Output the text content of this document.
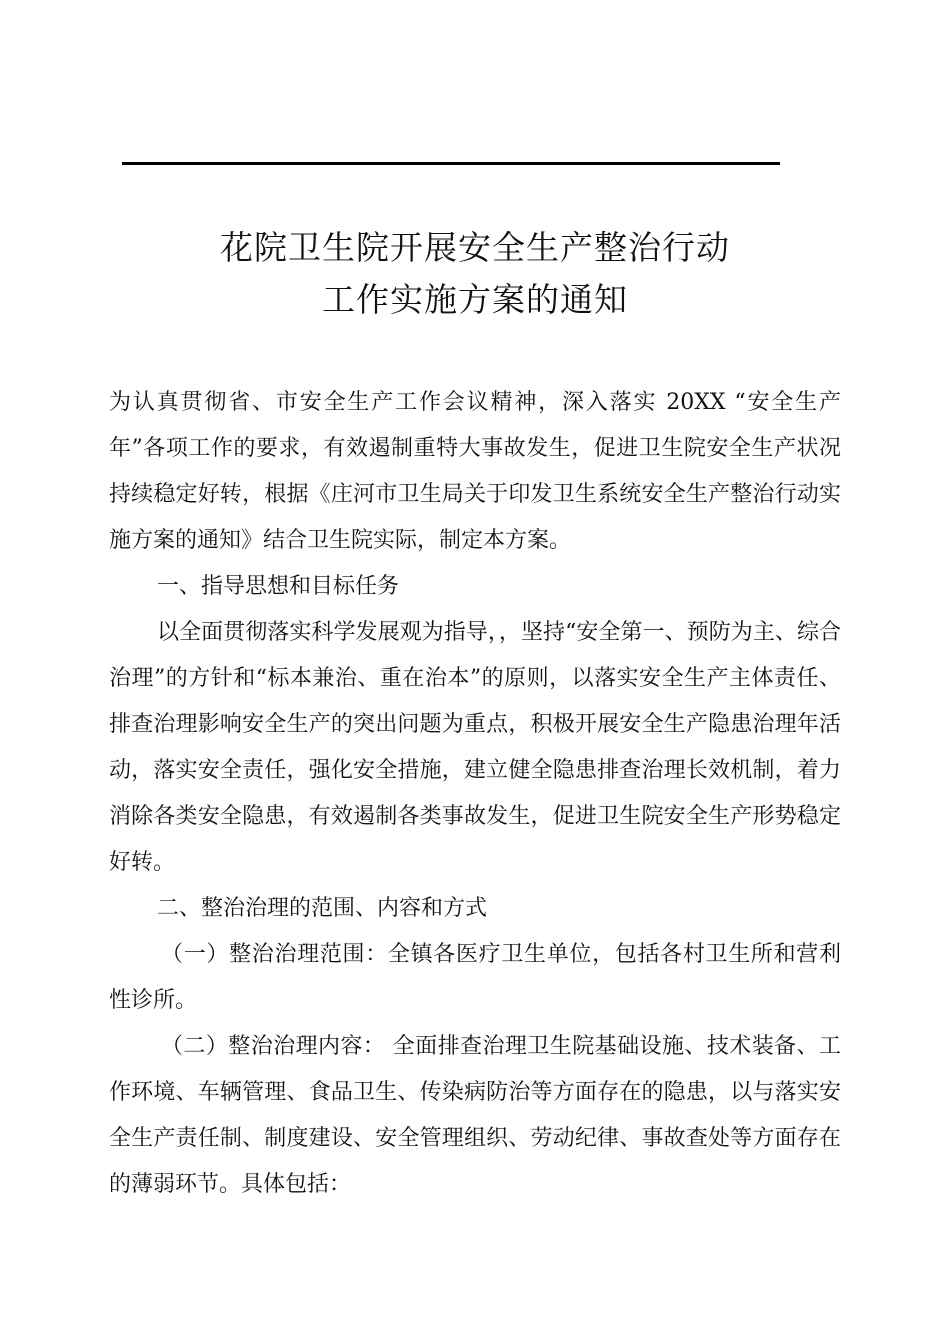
花院卫生院开展安全生产整治行动
工作实施方案的通知

为认真贯彻省、市安全生产工作会议精神，深入落实 20XX “安全生产年”各项工作的要求，有效遏制重特大事故发生，促进卫生院安全生产状况持续稳定好转，根据《庄河市卫生局关于印发卫生系统安全生产整治行动实施方案的通知》结合卫生院实际，制定本方案。

一、指导思想和目标任务

以全面贯彻落实科学发展观为指导，，坚持“安全第一、预防为主、综合治理”的方针和“标本兼治、重在治本”的原则，以落实安全生产主体责任、排查治理影响安全生产的突出问题为重点，积极开展安全生产隐患治理年活动，落实安全责任，强化安全措施，建立健全隐患排查治理长效机制，着力消除各类安全隐患，有效遏制各类事故发生，促进卫生院安全生产形势稳定好转。

二、整治治理的范围、内容和方式

（一）整治治理范围：全镇各医疗卫生单位，包括各村卫生所和营利性诊所。

（二）整治治理内容： 全面排查治理卫生院基础设施、技术装备、工作环境、车辆管理、食品卫生、传染病防治等方面存在的隐患，以与落实安全生产责任制、制度建设、安全管理组织、劳动纪律、事故查处等方面存在的薄弱环节。具体包括：
